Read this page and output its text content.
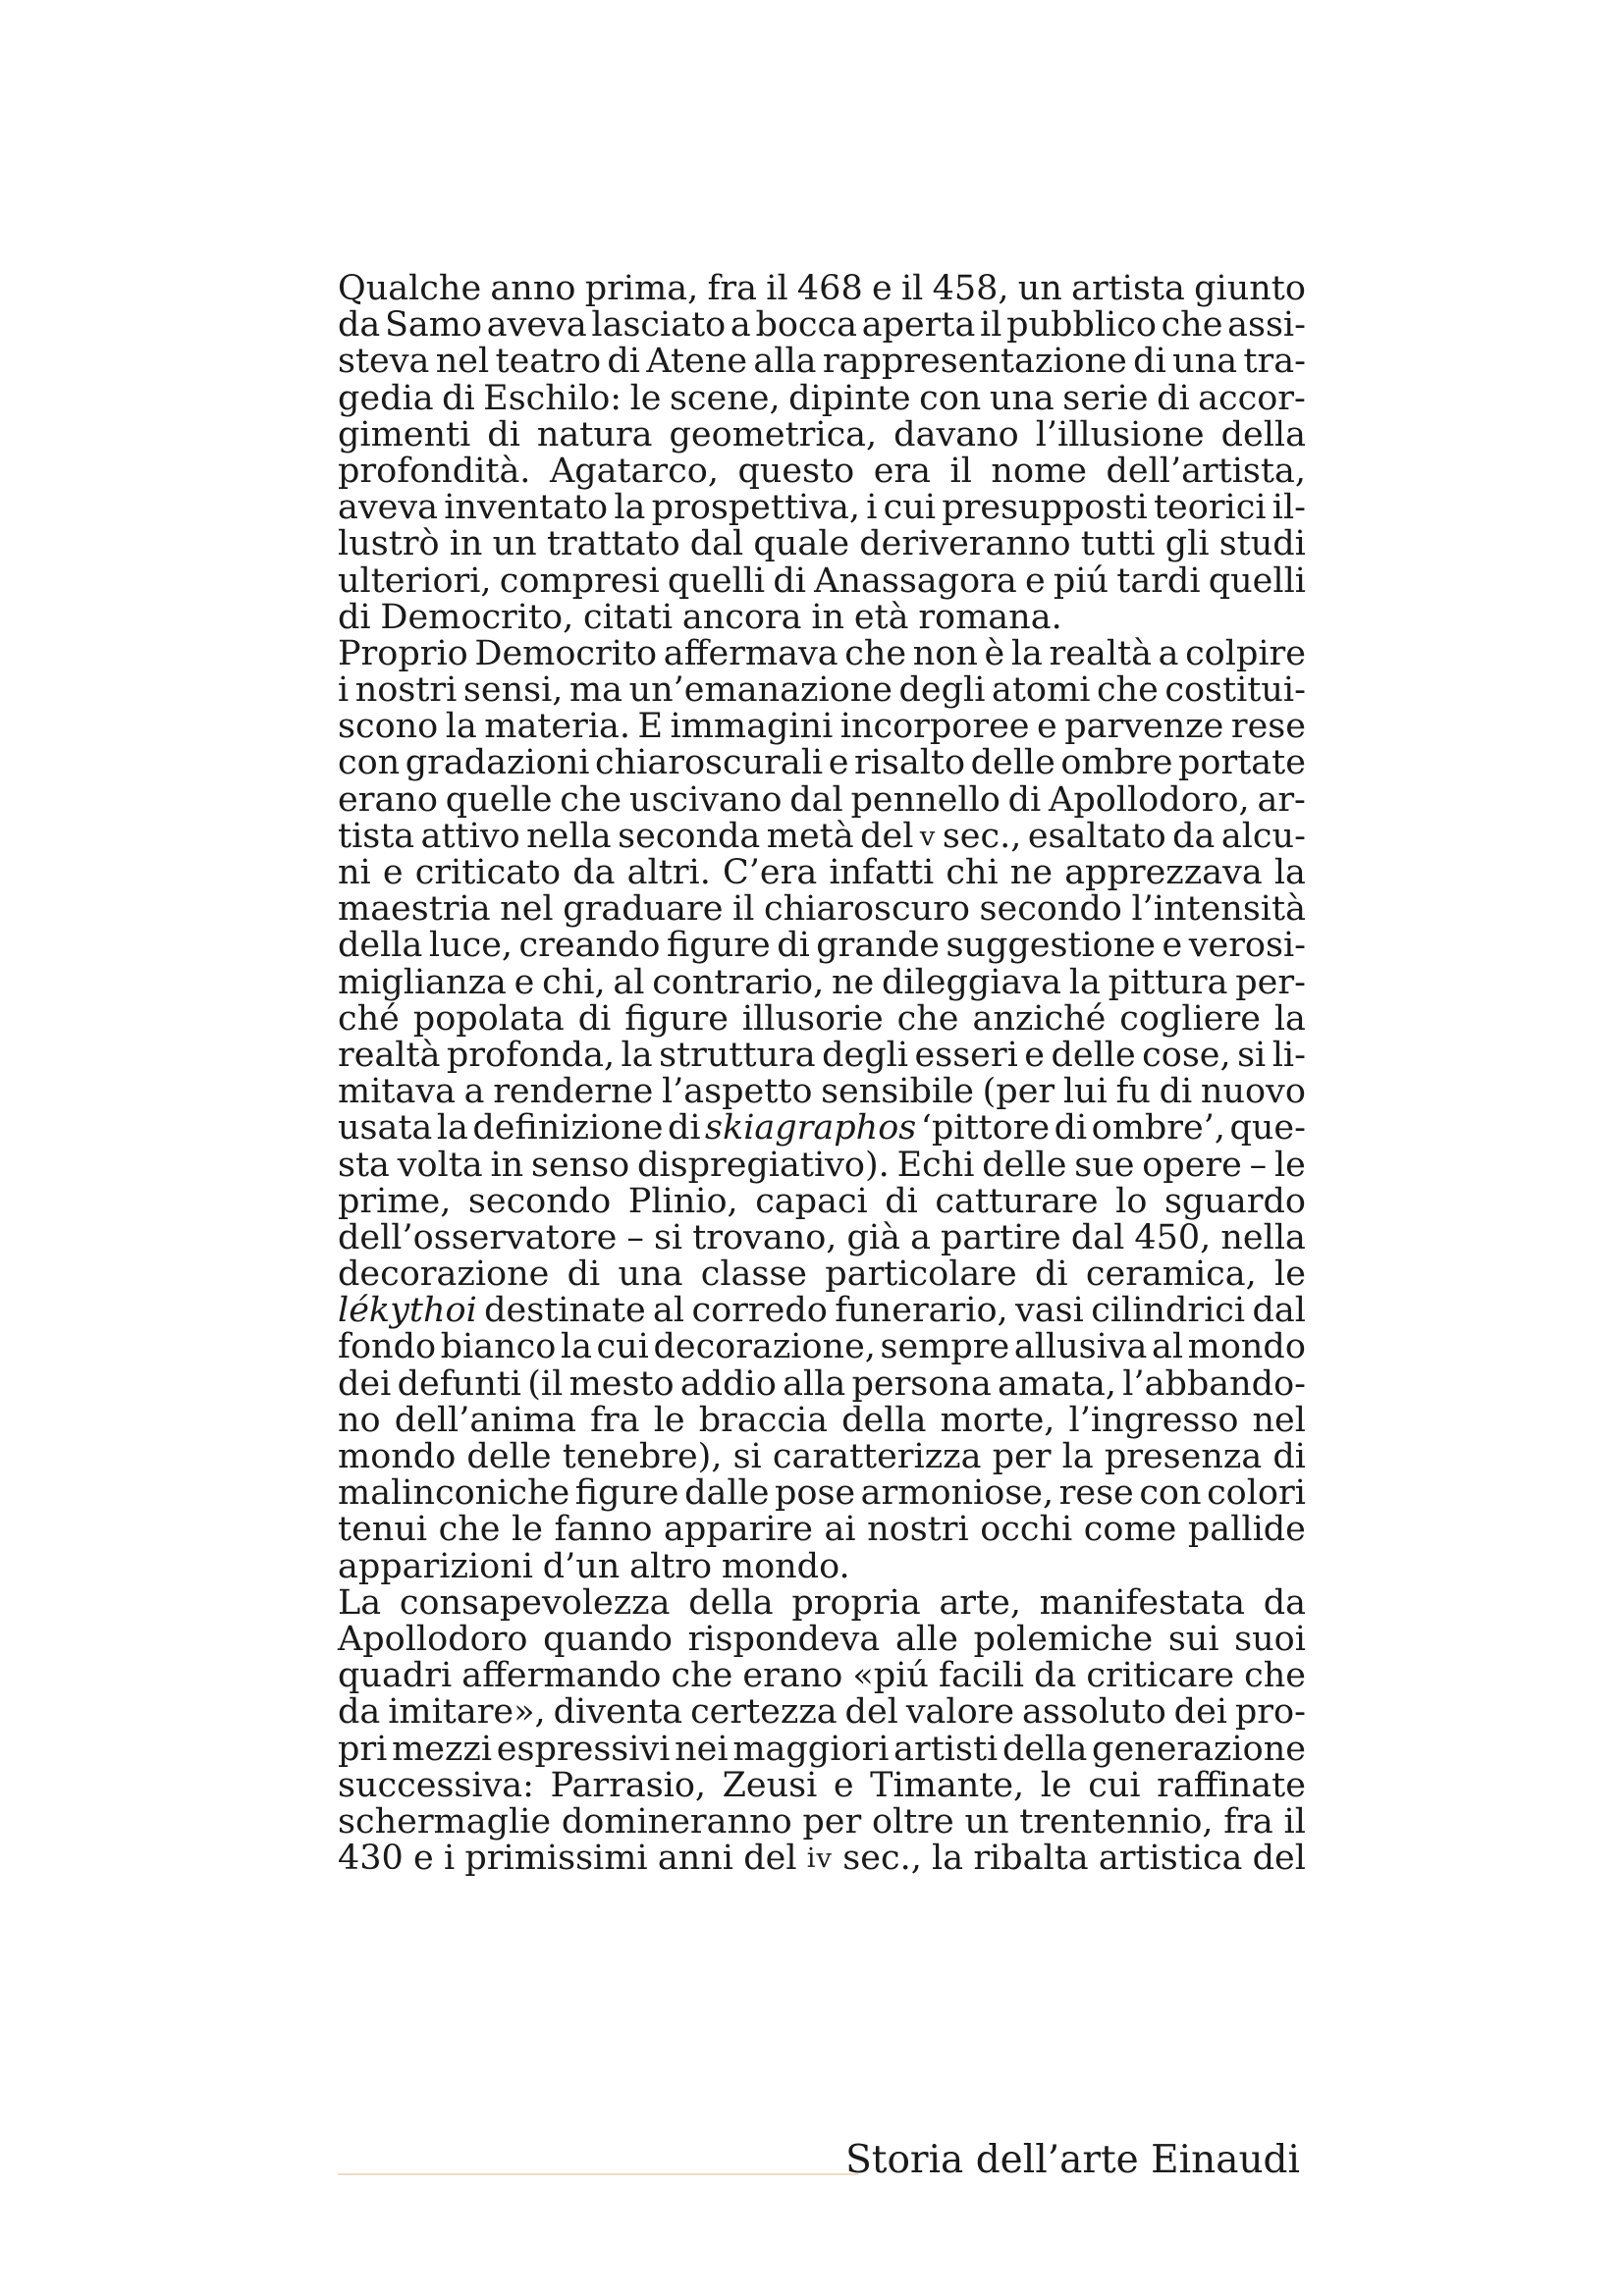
Qualche anno prima, fra il 468 e il 458, un artista giunto
da Samo aveva lasciato a bocca aperta il pubblico che assi-
steva nel teatro di Atene alla rappresentazione di una tra-
gedia di Eschilo: le scene, dipinte con una serie di accor-
gimenti di natura geometrica, davano l’illusione della
profondità. Agatarco, questo era il nome dell’artista,
aveva inventato la prospettiva, i cui presupposti teorici il-
lustrò in un trattato dal quale deriveranno tutti gli studi
ulteriori, compresi quelli di Anassagora e piú tardi quelli
di Democrito, citati ancora in età romana.
Proprio Democrito affermava che non è la realtà a colpire
i nostri sensi, ma un’emanazione degli atomi che costitui-
scono la materia. E immagini incorporee e parvenze rese
con gradazioni chiaroscurali e risalto delle ombre portate
erano quelle che uscivano dal pennello di Apollodoro, ar-
tista attivo nella seconda metà del v sec., esaltato da alcu-
ni e criticato da altri. C’era infatti chi ne apprezzava la
maestria nel graduare il chiaroscuro secondo l’intensità
della luce, creando figure di grande suggestione e verosi-
miglianza e chi, al contrario, ne dileggiava la pittura per-
ché popolata di figure illusorie che anziché cogliere la
realtà profonda, la struttura degli esseri e delle cose, si li-
mitava a renderne l’aspetto sensibile (per lui fu di nuovo
usata la definizione di skiagraphos ‘pittore di ombre’, que-
sta volta in senso dispregiativo). Echi delle sue opere – le
prime, secondo Plinio, capaci di catturare lo sguardo
dell’osservatore – si trovano, già a partire dal 450, nella
decorazione di una classe particolare di ceramica, le
lékythoi destinate al corredo funerario, vasi cilindrici dal
fondo bianco la cui decorazione, sempre allusiva al mondo
dei defunti (il mesto addio alla persona amata, l’abbando-
no dell’anima fra le braccia della morte, l’ingresso nel
mondo delle tenebre), si caratterizza per la presenza di
malinconiche figure dalle pose armoniose, rese con colori
tenui che le fanno apparire ai nostri occhi come pallide
apparizioni d’un altro mondo.
La consapevolezza della propria arte, manifestata da
Apollodoro quando rispondeva alle polemiche sui suoi
quadri affermando che erano «piú facili da criticare che
da imitare», diventa certezza del valore assoluto dei pro-
pri mezzi espressivi nei maggiori artisti della generazione
successiva: Parrasio, Zeusi e Timante, le cui raffinate
schermaglie domineranno per oltre un trentennio, fra il
430 e i primissimi anni del iv sec., la ribalta artistica del
Storia dell’arte Einaudi
